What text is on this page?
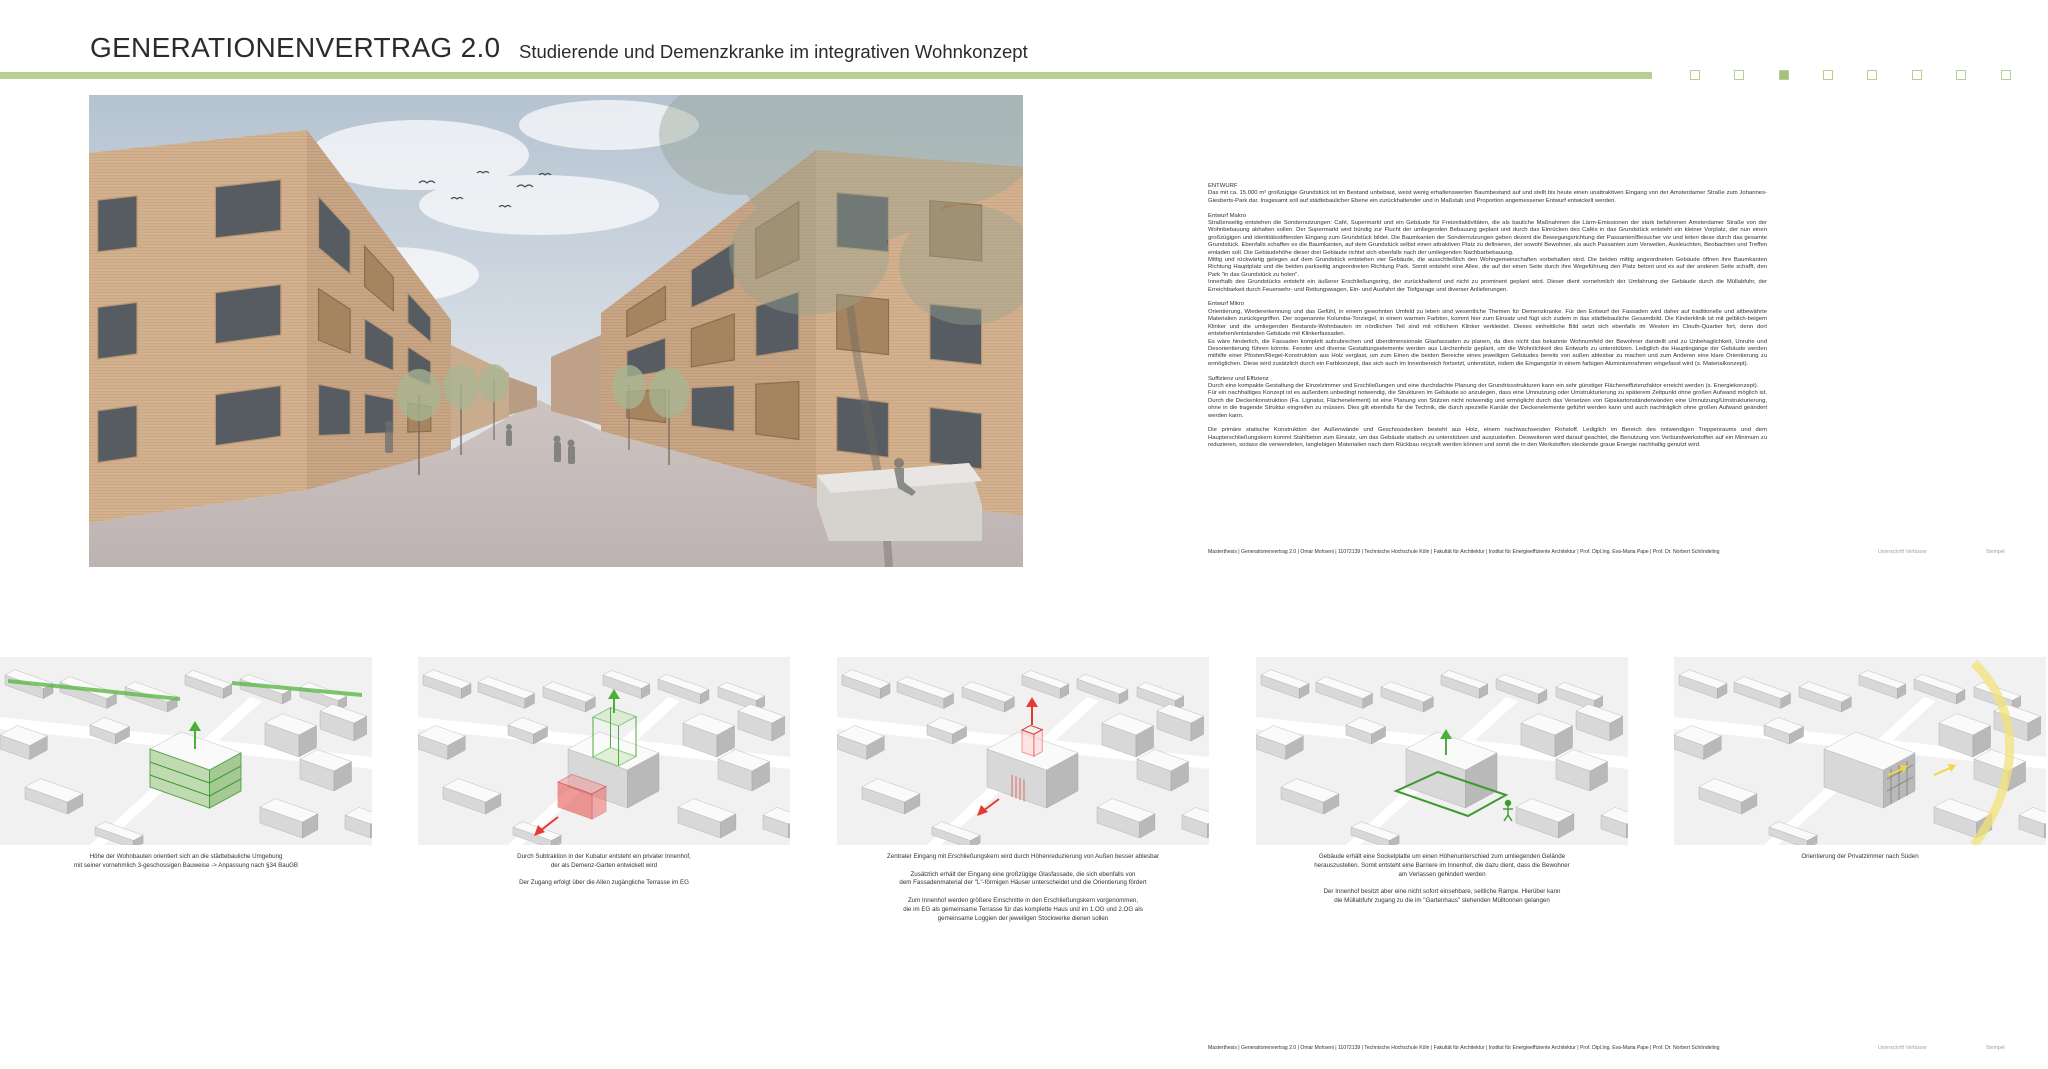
GENERATIONENVERTRAG 2.0 Studierende und Demenzkranke im integrativen Wohnkonzept

ENTWURF

Das mit ca. 15.000 m² großzügige Grundstück ist im Bestand unbebaut, weist wenig erhaltenswerten Baumbestand auf und stellt bis heute einen unattraktiven Eingang von der Amsterdamer Straße zum Johannes-Giesberts-Park dar. Insgesamt soll auf städtebaulicher Ebene ein zurückhaltender und in Maßstab und Proportion angemessener Entwurf entwickelt werden.

Entwurf Makro

Straßenseitig entstehen die Sondernutzungen: Café, Supermarkt und ein Gebäude für Freizeitaktivitäten, die als bauliche Maßnahmen die Lärm-Emissionen der stark befahrenen Amsterdamer Straße von der Wohnbebauung abhalten sollen. Der Supermarkt wird bündig zur Flucht der umliegenden Bebauung geplant und durch das Einrücken des Cafés in das Grundstück entsteht ein kleiner Vorplatz, der nun einen großzügigen und identitätsstiftenden Eingang zum Grundstück bildet. Die Baumkanten der Sondernutzungen geben dezent die Bewegungsrichtung der Passanten/Besucher vor und leiten diese durch das gesamte Grundstück. Ebenfalls schaffen es die Baumkanten, auf dem Grundstück selbst einen attraktiven Platz zu definieren, der sowohl Bewohner, als auch Passanten zum Verweilen, Ausleuchten, Beobachten und Treffen einladen soll. Die Gebäudehöhe dieser drei Gebäude richtet sich ebenfalls nach der umliegenden Nachbarbebauung.

Mittig und rückwärtig gelegen auf dem Grundstück entstehen vier Gebäude, die ausschließlich den Wohngemeinschaften vorbehalten sind. Die beiden mittig angeordneten Gebäude öffnen ihre Baumkanten Richtung Hauptplatz und die beiden parkseitig angeordneten Richtung Park. Somit entsteht eine Allee, die auf der einen Seite durch ihre Wegeführung den Platz betont und es auf der anderen Seite schafft, den Park "in das Grundstück zu holen".

Innerhalb des Grundstücks entsteht ein äußerer Erschließungsring, der zurückhaltend und nicht zu prominent geplant wird. Dieser dient vornehmlich der Umfahrung der Gebäude durch die Müllabfuhr, der Erreichbarkeit durch Feuerwehr- und Rettungswagen, Ein- und Ausfahrt der Tiefgarage und diverser Anlieferungen.

Entwurf Mikro

Orientierung, Wiedererkennung und das Gefühl, in einem gewohnten Umfeld zu leben sind wesentliche Themen für Demenzkranke. Für den Entwurf der Fassaden wird daher auf traditionelle und altbewährte Materialien zurückgegriffen. Der sogenannte Kolumba-Torziegel, in einem warmen Farbton, kommt hier zum Einsatz und fügt sich zudem in das städtebauliche Gesamtbild. Die Kinderklinik ist mit gelblich-beigem Klinker und die umliegenden Bestands-Wohnbauten im nördlichen Teil sind mit rötlichem Klinker verkleidet. Dieses einheitliche Bild setzt sich ebenfalls im Westen im Clouth-Quartier fort, denn dort entstehen/entstanden Gebäude mit Klinkerfassaden.

Es wäre hinderlich, die Fassaden komplett aufzubrechen und überdimensionale Glasfassaden zu planen, da dies nicht das bekannte Wohnumfeld der Bewohner darstellt und zu Unbehaglichkeit, Unruhe und Desorientierung führen könnte. Fenster und diverse Gestaltungselemente werden aus Lärchenholz geplant, um die Wohnlichkeit des Entwurfs zu unterstützen. Lediglich die Hauptingänge der Gebäude werden mithilfe einer Pfosten/Riegel-Konstruktion aus Holz verglast, um zum Einen die beiden Bereiche eines jeweiligen Gebäudes bereits von außen ablesbar zu machen und zum Anderen eine klare Orientierung zu ermöglichen. Diese wird zusätzlich durch ein Farbkonzept, das sich auch im Innenbereich fortsetzt, unterstützt, indem die Eingangstür in einem farbigen Aluminiumrahmen eingefasst wird (s. Materialkonzept).

Suffizienz und Effizienz

Durch eine kompakte Gestaltung der Einzelzimmer und Erschließungen und eine durchdachte Planung der Grundrissstrukturen kann ein sehr günstiger Flächeneffizienzfaktor erreicht werden (s. Energiekonzept).

Für ein nachhaltiges Konzept ist es außerdem unbedingt notwendig, die Strukturen im Gebäude so anzulegen, dass eine Umnutzung oder Umstrukturierung zu späterem Zeitpunkt ohne großen Aufwand möglich ist. Durch die Deckenkonstruktion (Fa. Lignatur, Flächenelement) ist eine Planung von Stützen nicht notwendig und ermöglicht durch das Versetzen von Gipskartonständerwänden eine Umnutzung/Umstrukturierung, ohne in die tragende Struktur eingreifen zu müssen. Dies gilt ebenfalls für die Technik, die durch spezielle Kanäle der Deckenelemente geführt werden kann und auch nachträglich ohne großen Aufwand geändert werden kann.

Die primäre statische Konstruktion der Außenwände und Geschossdecken besteht aus Holz, einem nachwachsenden Rohstoff. Lediglich im Bereich des notwendigen Treppenraums und dem Haupterschließungskern kommt Stahlbeton zum Einsatz, um das Gebäude statisch zu unterstützen und auszusteifen. Desweiteren wird darauf geachtet, die Benutzung von Verbundwerkstoffen auf ein Minimum zu reduzieren, sodass die verwendeten, langlebigen Materialien nach dem Rückbau recycelt werden können und somit die in den Werkstoffen steckende graue Energie nachhaltig genutzt wird.

Masterthesis | Generationenvertrag 2.0 | Omar Mohseni | 11072139 | Technische Hochschule Köln | Fakultät für Architektur | Institut für Energieeffiziente Architektur | Prof. Dipl.Ing. Eva-Maria Pape | Prof. Dr. Norbert Schöndeling	Unterschrift Verfasser	Stempel

Höhe der Wohnbauten orientiert sich an die städtebauliche Umgebung
mit seiner vornehmlich 3-geschossigen Bauweise -> Anpassung nach §34 BauGB

Durch Subtraktion in der Kubatur entsteht ein privater Innenhof,
der als Demenz-Garten entwickelt wird

Der Zugang erfolgt über die Allen zugängliche Terrasse im EG

Zentraler Eingang mit Erschließungskern wird durch Höhenreduzierung von Außen besser ablesbar

Zusätzlich erhält der Eingang eine großzügige Glasfassade, die sich ebenfalls von
dem Fassadenmaterial der "L"-förmigen Häuser unterscheidet und die Orientierung fördert

Zum Innenhof werden größere Einschnitte in den Erschließungskern vorgenommen,
die im EG als gemeinsame Terrasse für das komplette Haus und im 1.OG und 2.OG als
gemeinsame Loggien der jeweiligen Stockwerke dienen sollen

Gebäude erhält eine Sockelplatte um einen Höhenunterschied zum umliegenden Gelände
herauszustellen. Somit entsteht eine Barriere im Innenhof, die dazu dient, dass die Bewohner
am Verlassen gehindert werden

Der Innenhof besitzt aber eine nicht sofort einsehbare, seitliche Rampe. Hierüber kann
die Müllabfuhr zugang zu die im "Gartenhaus" stehenden Mülltonnen gelangen

Orientierung der Privatzimmer nach Süden

Masterthesis | Generationenvertrag 2.0 | Omar Mohseni | 11072139 | Technische Hochschule Köln | Fakultät für Architektur | Institut für Energieeffiziente Architektur | Prof. Dipl.Ing. Eva-Maria Pape | Prof. Dr. Norbert Schöndeling	Unterschrift Verfasser	Stempel
